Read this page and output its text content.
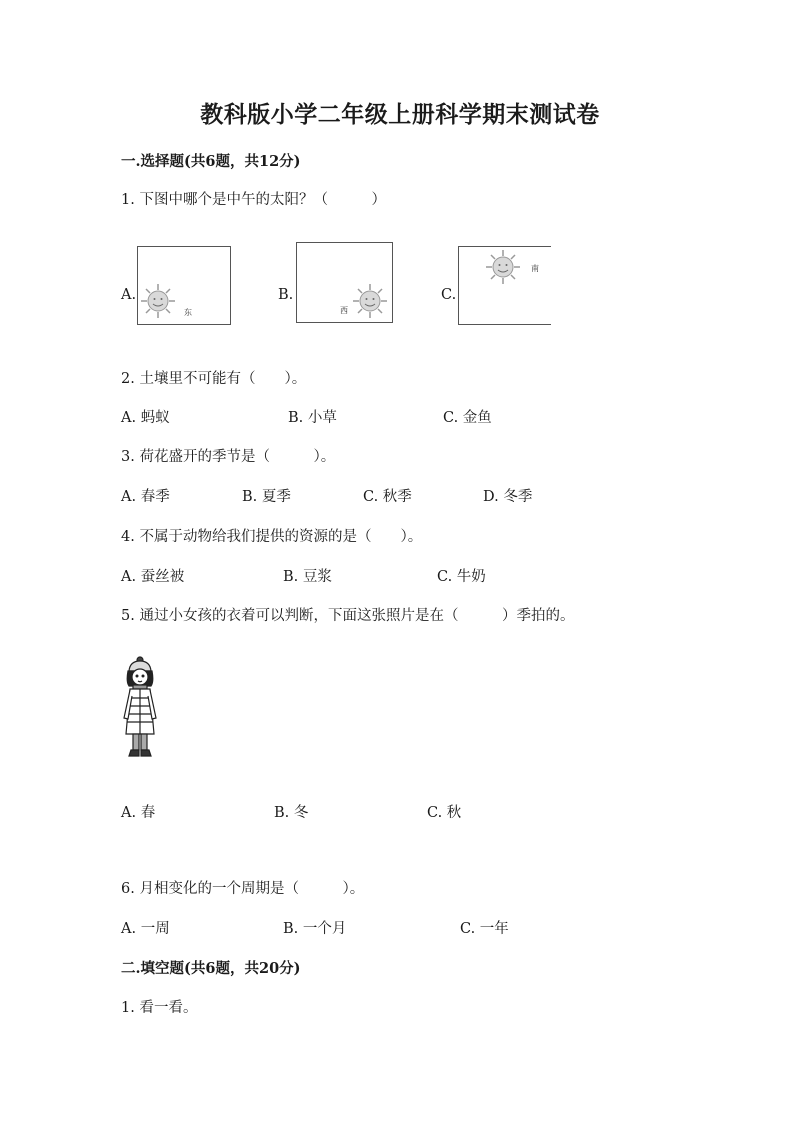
教科版小学二年级上册科学期末测试卷
一.选择题(共6题，共12分)
1. 下图中哪个是中午的太阳？（　　　）
A.
东
B.
西
C.
南
2. 土壤里不可能有（　　）。
A. 蚂蚁	B. 小草	C. 金鱼
3. 荷花盛开的季节是（　　　）。
A. 春季	B. 夏季	C. 秋季	D. 冬季
4. 不属于动物给我们提供的资源的是（　　）。
A. 蚕丝被	B. 豆浆	C. 牛奶
5. 通过小女孩的衣着可以判断，下面这张照片是在（　　　）季拍的。
A. 春	B. 冬	C. 秋
6. 月相变化的一个周期是（　　　）。
A. 一周	B. 一个月	C. 一年
二.填空题(共6题，共20分)
1. 看一看。
